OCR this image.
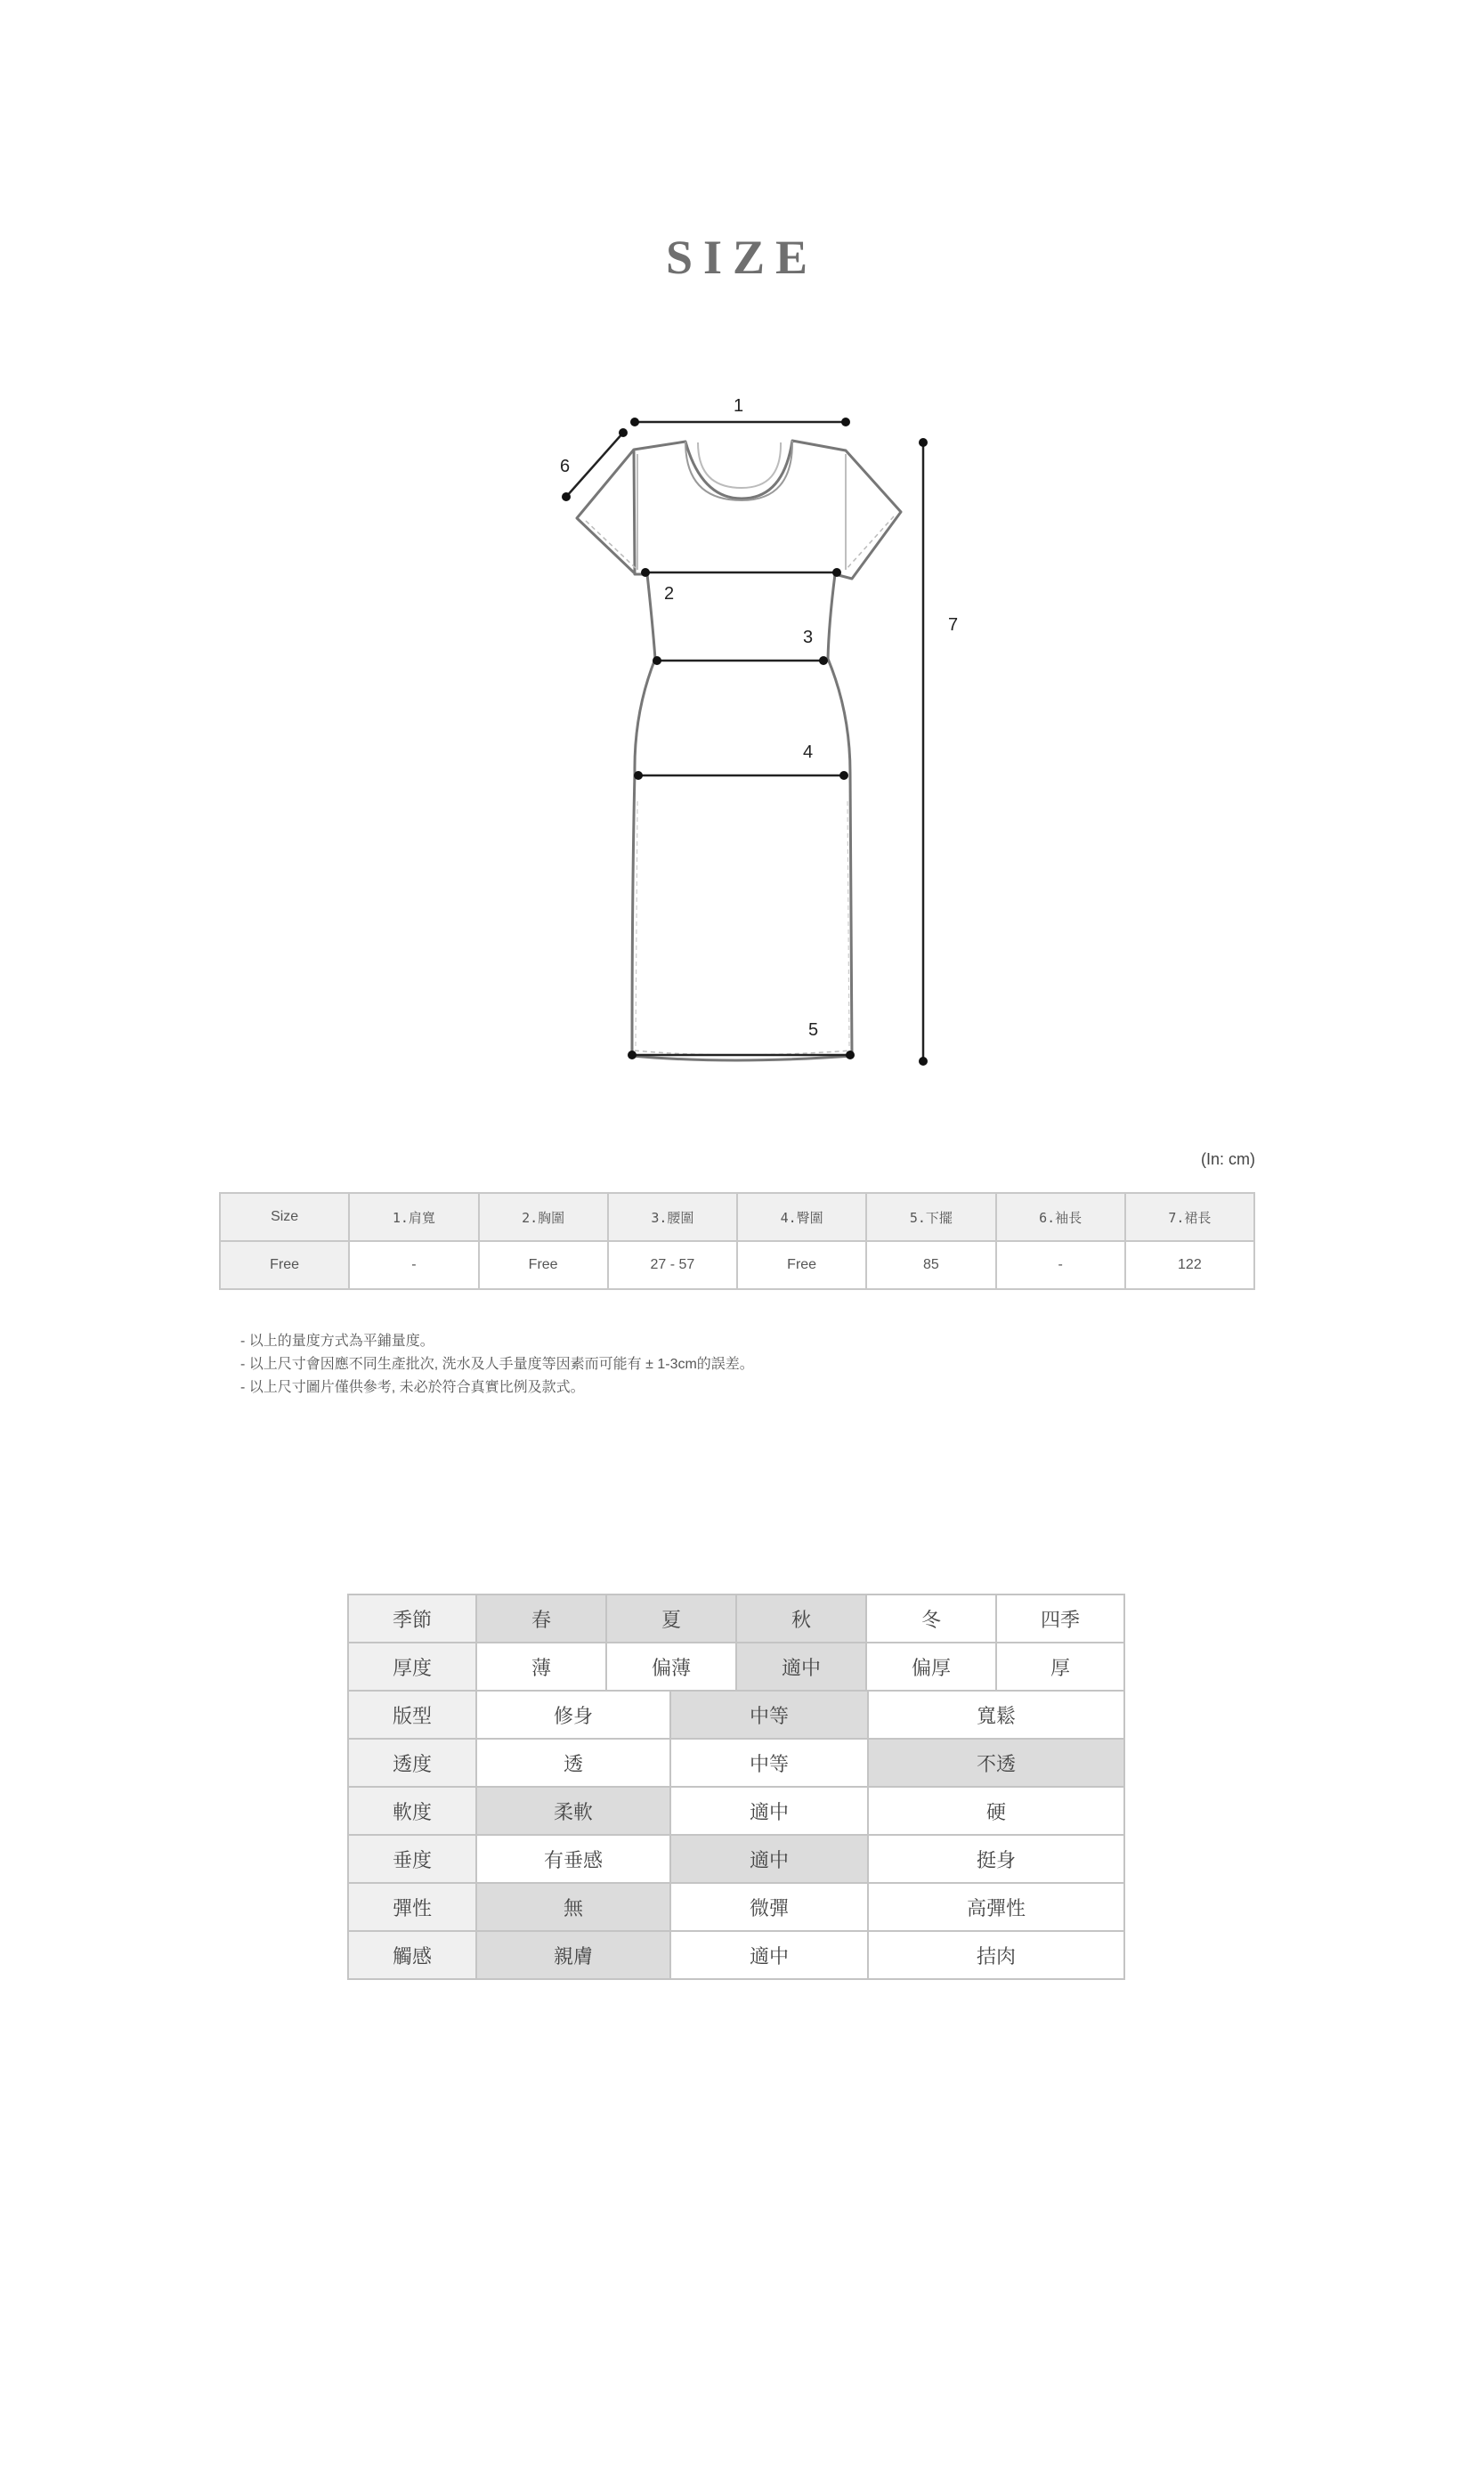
SIZE
1
2
3
4
5
6
7
(In: cm)
Size	1.肩寬	2.胸圍	3.腰圍	4.臀圍	5.下擺	6.袖長	7.裙長
Free	-	Free	27 - 57	Free	85	-	122
- 以上的量度方式為平鋪量度。
- 以上尺寸會因應不同生產批次, 洗水及人手量度等因素而可能有 ± 1-3cm的誤差。
- 以上尺寸圖片僅供參考, 未必於符合真實比例及款式。
季節	春	夏		秋	冬		四季
厚度	薄	偏薄		適中	偏厚		厚
版型	修身		中等			寬鬆	
透度	透		中等			不透	
軟度	柔軟		適中			硬	
垂度	有垂感		適中			挺身	
彈性	無		微彈			高彈性	
觸感	親膚		適中			拮肉	
